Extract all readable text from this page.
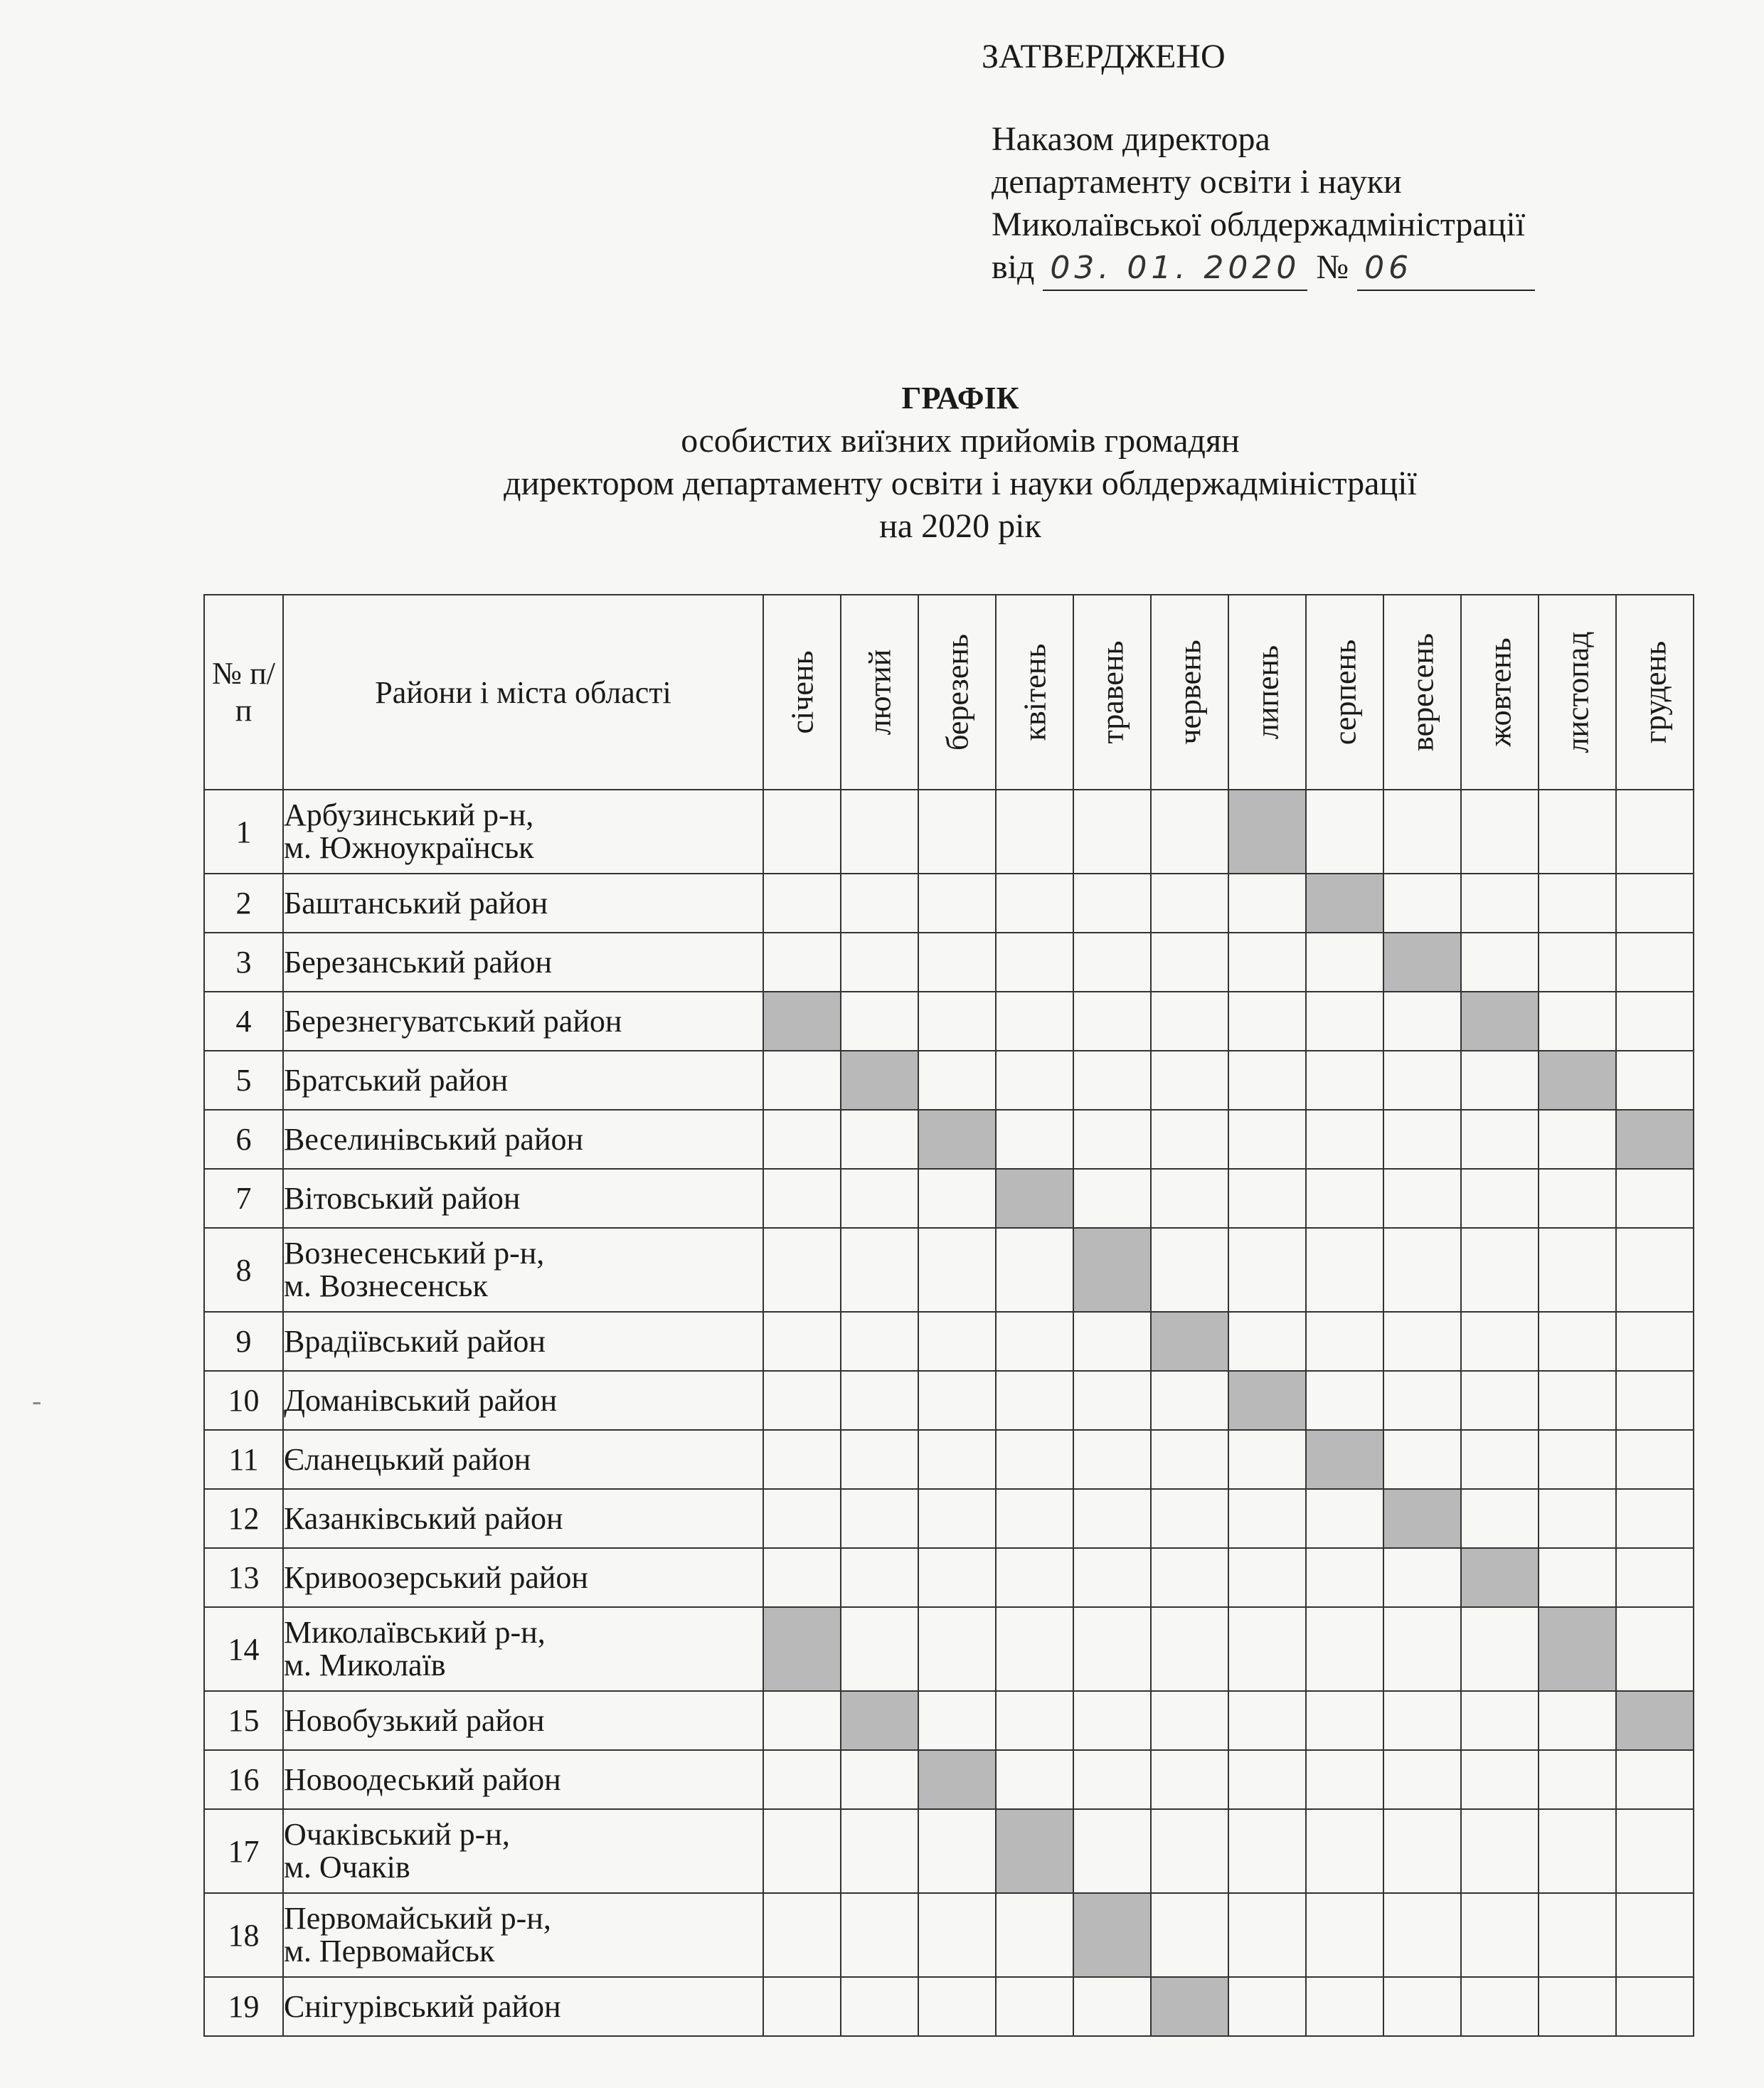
ЗАТВЕРДЖЕНО
Наказом директора
департаменту освіти і науки
Миколаївської облдержадміністрації
від 03. 01. 2020 № 06
ГРАФІК
особистих виїзних прийомів громадян
директором департаменту освіти і науки облдержадміністрації
на 2020 рік
-
№ п/п	Райони і міста області	січень	лютий	березень	квітень	травень	червень	липень	серпень	вересень	жовтень	листопад	грудень

1	Арбузинський р-н,
м. Южноукраїнськ												

2	Баштанський район												

3	Березанський район												

4	Березнегуватський район												

5	Братський район												

6	Веселинівський район												

7	Вітовський район												

8	Вознесенський р-н,
м. Вознесенськ												

9	Врадіївський район												

10	Доманівський район												

11	Єланецький район												

12	Казанківський район												

13	Кривоозерський район												

14	Миколаївський р-н,
м. Миколаїв												

15	Новобузький район												

16	Новоодеський район												

17	Очаківський р-н,
м. Очаків												

18	Первомайський р-н,
м. Первомайськ												

19	Снігурівський район												
